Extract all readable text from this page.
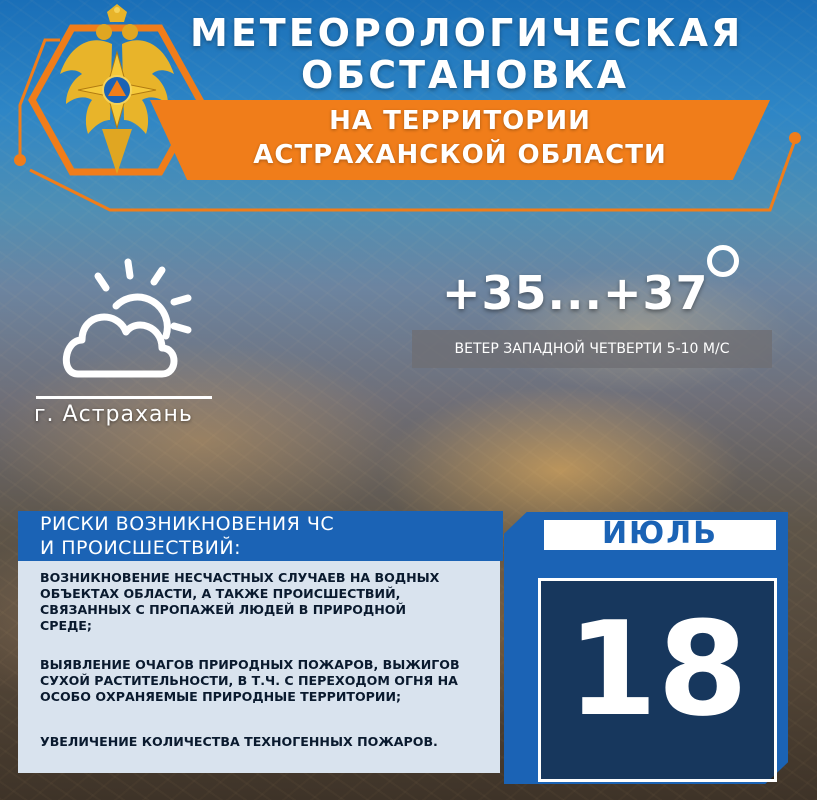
МЕТЕОРОЛОГИЧЕСКАЯ
ОБСТАНОВКА
НА ТЕРРИТОРИИ
АСТРАХАНСКОЙ ОБЛАСТИ
г. Астрахань
+35...+37
ВЕТЕР ЗАПАДНОЙ ЧЕТВЕРТИ 5-10 М/С
РИСКИ ВОЗНИКНОВЕНИЯ ЧС
И ПРОИСШЕСТВИЙ:
ВОЗНИКНОВЕНИЕ НЕСЧАСТНЫХ СЛУЧАЕВ НА ВОДНЫХ
ОБЪЕКТАХ ОБЛАСТИ, А ТАКЖЕ ПРОИСШЕСТВИЙ,
СВЯЗАННЫХ С ПРОПАЖЕЙ ЛЮДЕЙ В ПРИРОДНОЙ
СРЕДЕ;
ВЫЯВЛЕНИЕ ОЧАГОВ ПРИРОДНЫХ ПОЖАРОВ, ВЫЖИГОВ
СУХОЙ РАСТИТЕЛЬНОСТИ, В Т.Ч. С ПЕРЕХОДОМ ОГНЯ НА
ОСОБО ОХРАНЯЕМЫЕ ПРИРОДНЫЕ ТЕРРИТОРИИ;
УВЕЛИЧЕНИЕ КОЛИЧЕСТВА ТЕХНОГЕННЫХ ПОЖАРОВ.
ИЮЛЬ
18
